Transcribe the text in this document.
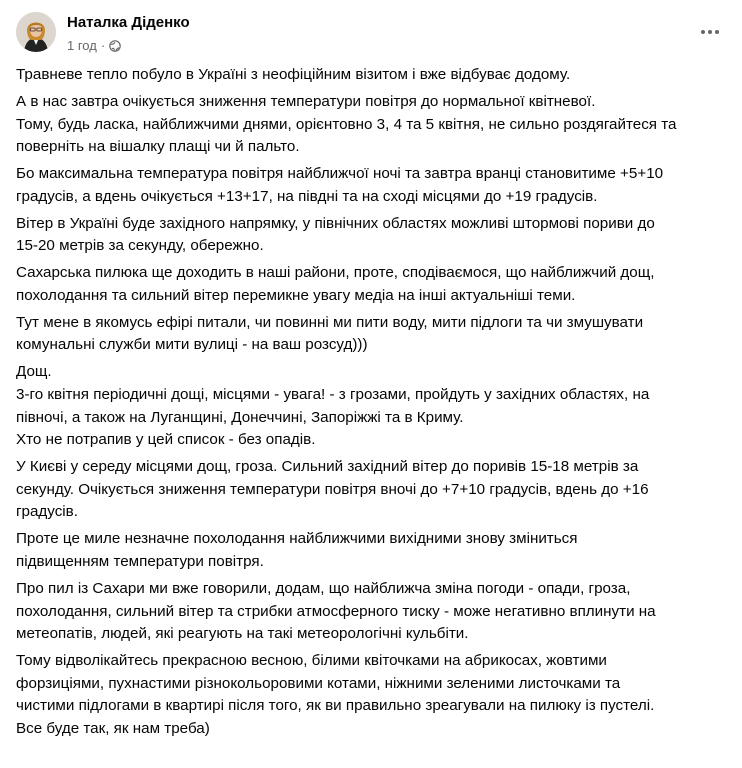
Наталка Діденко
1 год ·
Травневе тепло побуло в Україні з неофіційним візитом і вже відбуває додому.
А в нас завтра очікується зниження температури повітря до нормальної квітневої.
Тому, будь ласка, найближчими днями, орієнтовно 3, 4 та 5 квітня, не сильно роздягайтеся та
поверніть на вішалку плащі чи й пальто.
Бо максимальна температура повітря найближчої ночі та завтра вранці становитиме +5+10
градусів, а вдень очікується +13+17, на півдні та на сході місцями до +19 градусів.
Вітер в Україні буде західного напрямку, у північних областях можливі штормові пориви до
15-20 метрів за секунду, обережно.
Сахарська пилюка ще доходить в наші райони, проте, сподіваємося, що найближчий дощ,
похолодання та сильний вітер перемикне увагу медіа на інші актуальніші теми.
Тут мене в якомусь ефірі питали, чи повинні ми пити воду, мити підлоги та чи змушувати
комунальні служби мити вулиці - на ваш розсуд)))
Дощ.
3-го квітня періодичні дощі, місцями - увага! - з грозами, пройдуть у західних областях, на
півночі, а також на Луганщині, Донеччині, Запоріжжі та в Криму.
Хто не потрапив у цей список - без опадів.
У Києві у середу місцями дощ, гроза. Сильний західний вітер до поривів 15-18 метрів за
секунду. Очікується зниження температури повітря вночі до +7+10 градусів, вдень до +16
градусів.
Проте це миле незначне похолодання найближчими вихідними знову зміниться
підвищенням температури повітря.
Про пил із Сахари ми вже говорили, додам, що найближча зміна погоди - опади, гроза,
похолодання, сильний вітер та стрибки атмосферного тиску - може негативно вплинути на
метеопатів, людей, які реагують на такі метеорологічні кульбіти.
Тому відволікайтесь прекрасною весною, білими квіточками на абрикосах, жовтими
форзиціями, пухнастими різнокольоровими котами, ніжними зеленими листочками та
чистими підлогами в квартирі після того, як ви правильно зреагували на пилюку із пустелі.
Все буде так, як нам треба)
